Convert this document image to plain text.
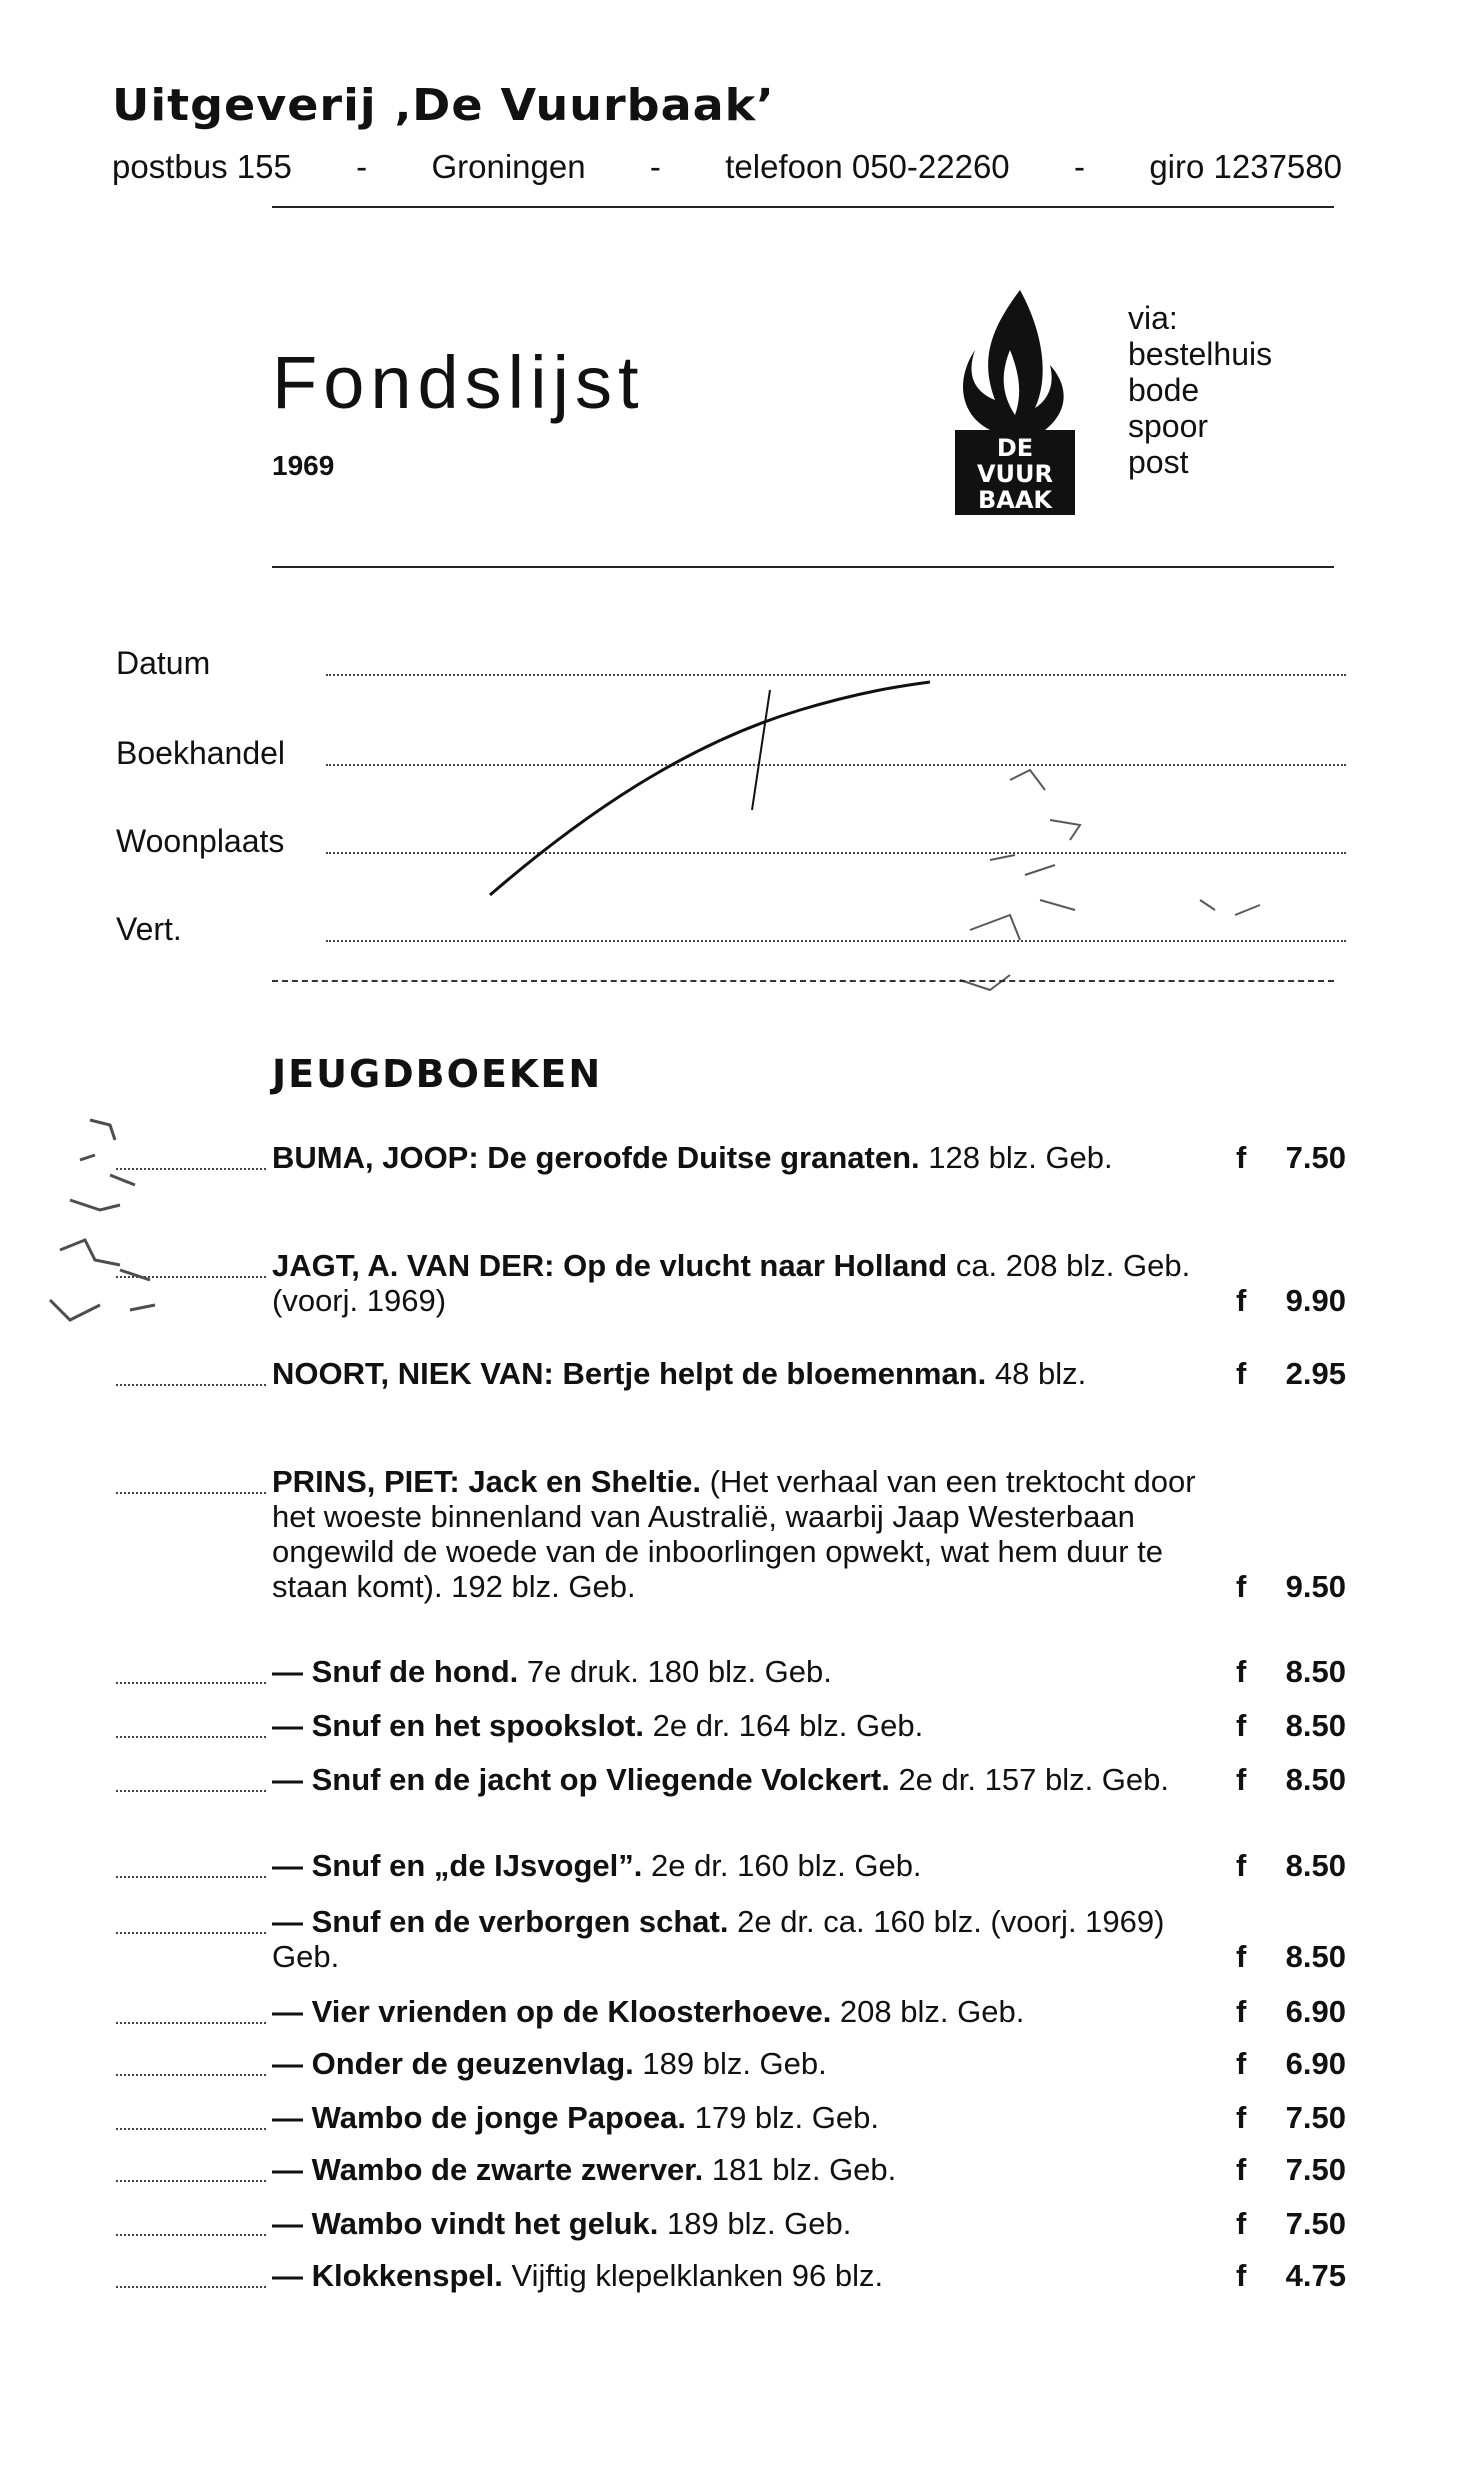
Uitgeverij ‚De Vuurbaak’
postbus 155 - Groningen - telefoon 050-22260 - giro 1237580
Fondslijst
1969
DE
VUUR
BAAK
via:
bestelhuis
bode
spoor
post
Datum
Boekhandel
Woonplaats
Vert.
JEUGDBOEKEN
BUMA, JOOP: De geroofde Duitse granaten. 128 blz. Geb.	f 7.50
JAGT, A. VAN DER: Op de vlucht naar Holland ca. 208 blz. Geb. (voorj. 1969)	f 9.90
NOORT, NIEK VAN: Bertje helpt de bloemenman. 48 blz.	f 2.95
PRINS, PIET: Jack en Sheltie. (Het verhaal van een trektocht door het woeste binnenland van Australië, waarbij Jaap Westerbaan ongewild de woede van de inboorlingen opwekt, wat hem duur te staan komt). 192 blz. Geb.	f 9.50
— Snuf de hond. 7e druk. 180 blz. Geb.	f 8.50
— Snuf en het spookslot. 2e dr. 164 blz. Geb.	f 8.50
— Snuf en de jacht op Vliegende Volckert. 2e dr. 157 blz. Geb.	f 8.50
— Snuf en „de IJsvogel”. 2e dr. 160 blz. Geb.	f 8.50
— Snuf en de verborgen schat. 2e dr. ca. 160 blz. (voorj. 1969) Geb.	f 8.50
— Vier vrienden op de Kloosterhoeve. 208 blz. Geb.	f 6.90
— Onder de geuzenvlag. 189 blz. Geb.	f 6.90
— Wambo de jonge Papoea. 179 blz. Geb.	f 7.50
— Wambo de zwarte zwerver. 181 blz. Geb.	f 7.50
— Wambo vindt het geluk. 189 blz. Geb.	f 7.50
— Klokkenspel. Vijftig klepelklanken 96 blz.	f 4.75
